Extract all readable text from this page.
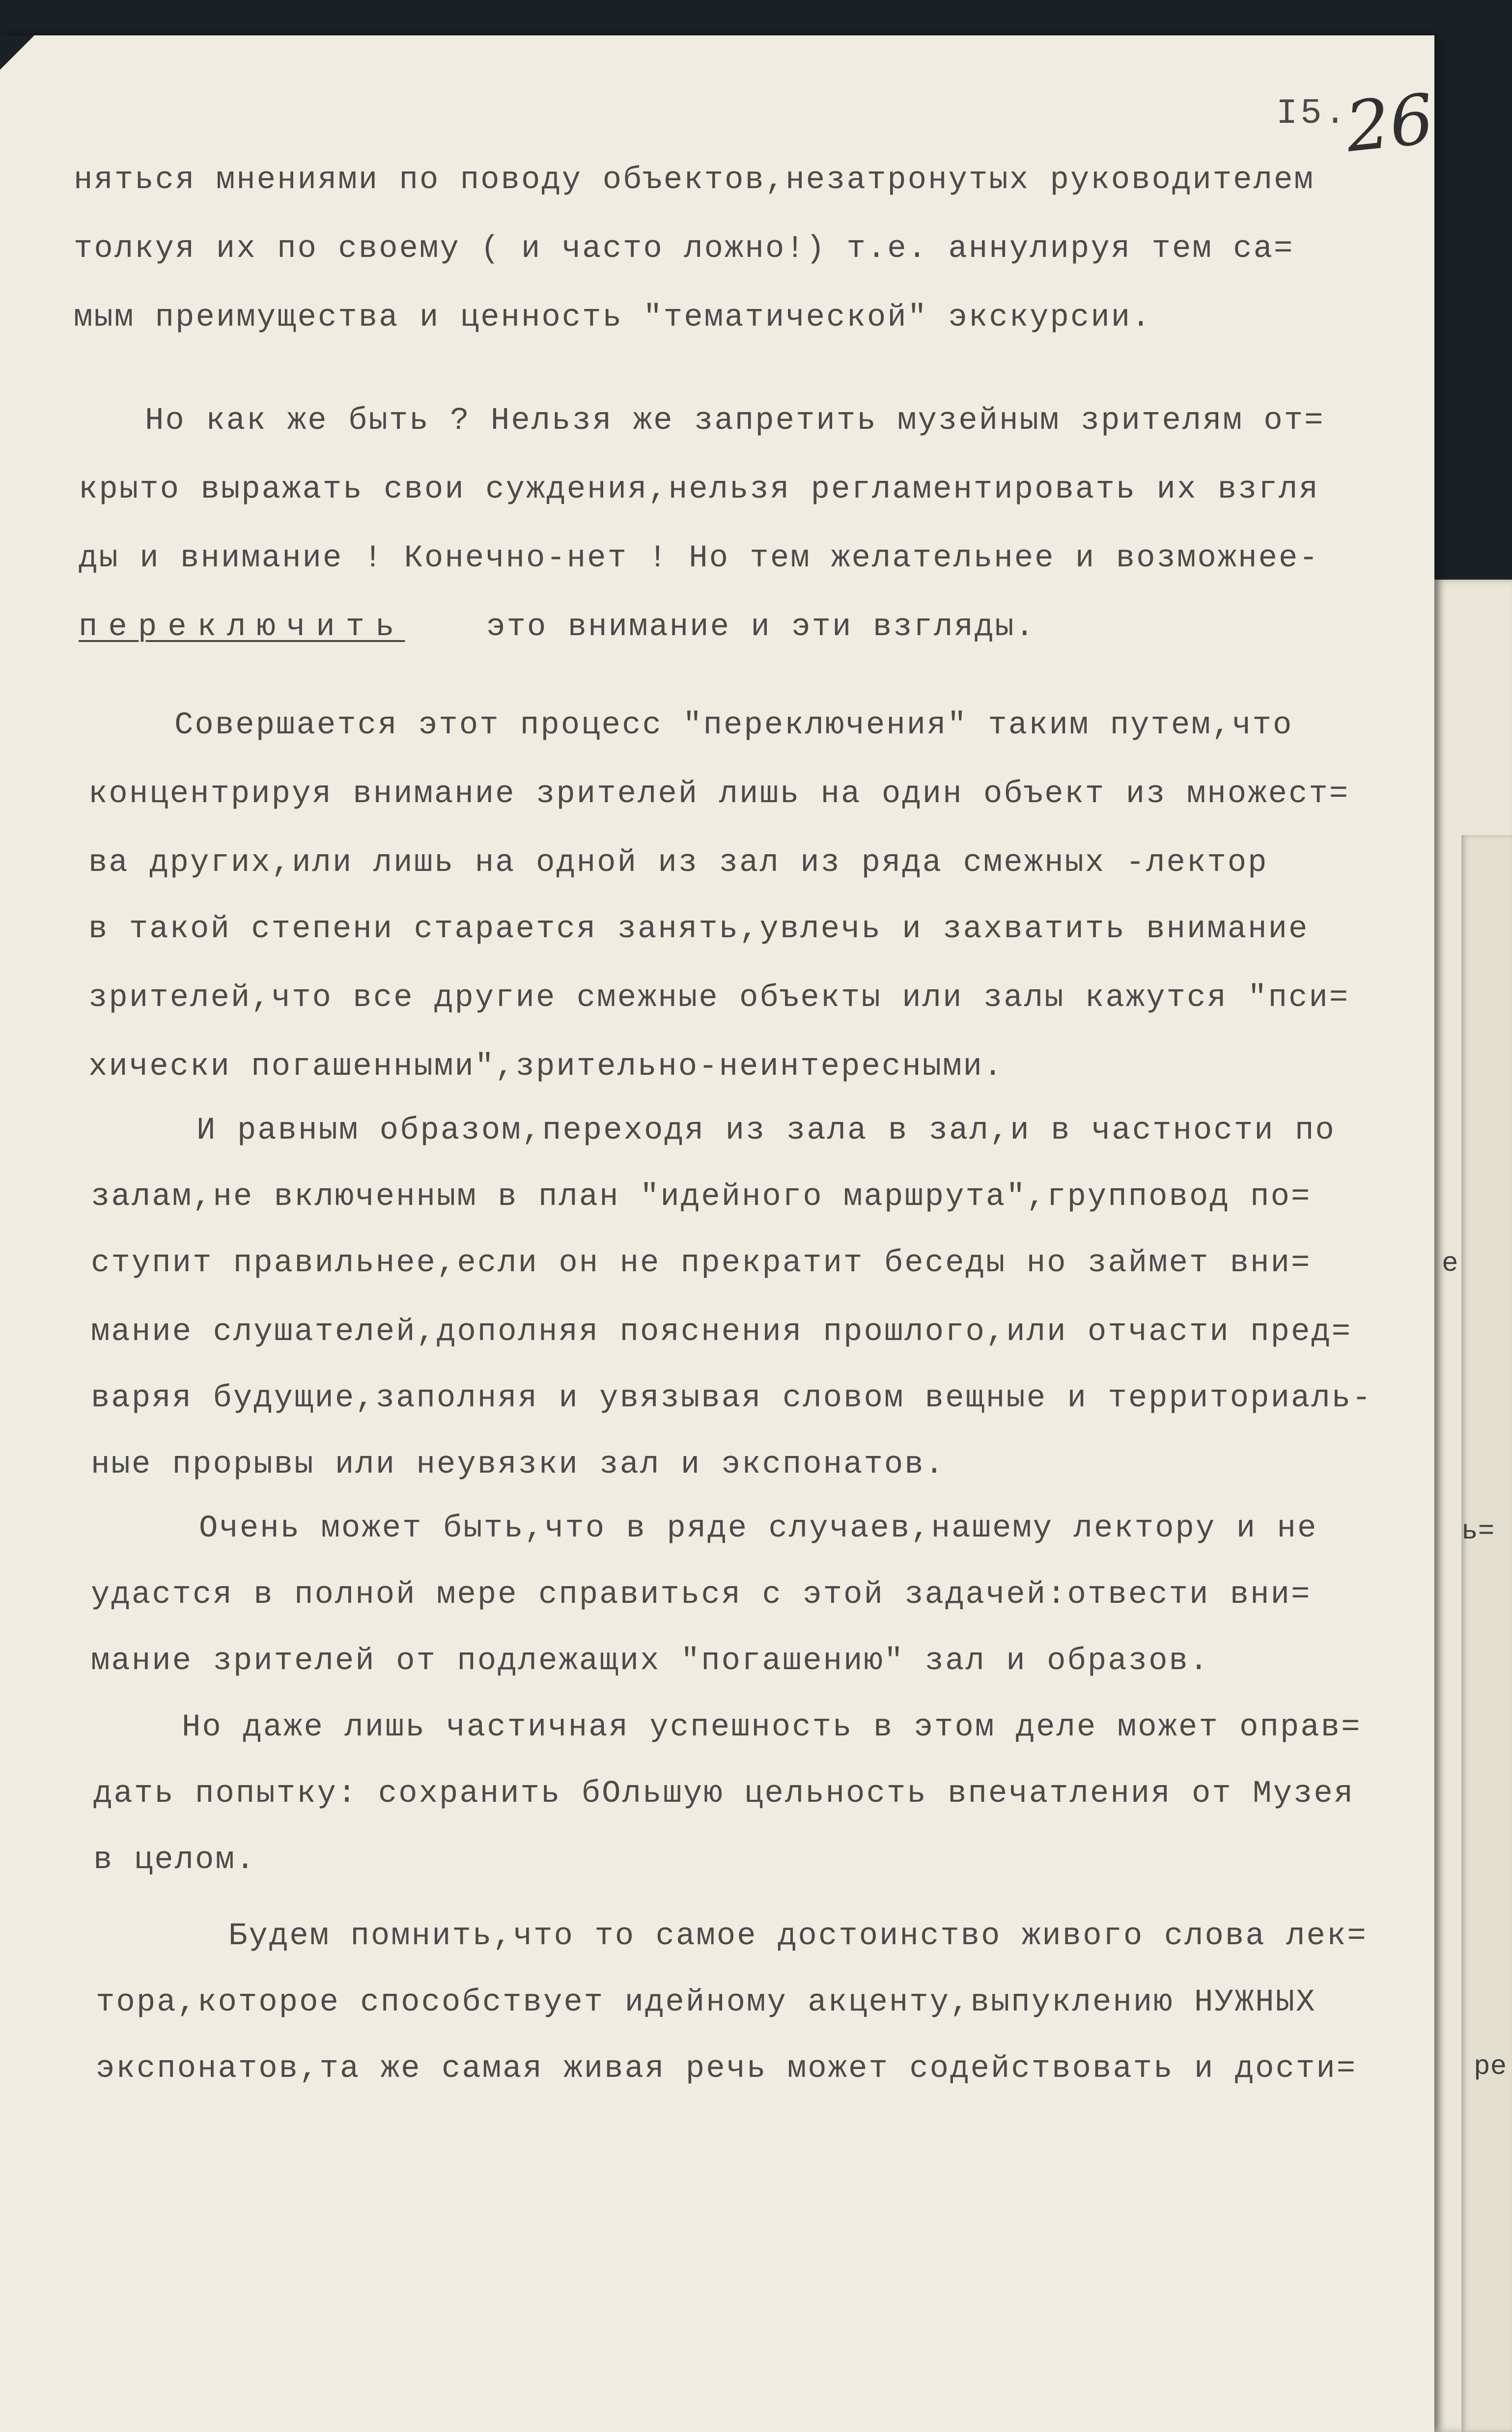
I5.
26
няться мнениями по поводу объектов,незатронутых руководителем
толкуя их по своему ( и часто ложно!) т.е. аннулируя тем са=
мым преимущества и ценность "тематической" экскурсии.
Но как же быть ? Нельзя же запретить музейным зрителям от=
крыто выражать свои суждения,нельзя регламентировать их взгля
ды и внимание ! Конечно-нет ! Но тем желательнее и возможнее-
переключить	это внимание и эти взгляды.
Совершается этот процесс "переключения" таким путем,что
концентрируя внимание зрителей лишь на один объект из множест=
ва других,или лишь на одной из зал из ряда смежных -лектор
в такой степени старается занять,увлечь и захватить внимание
зрителей,что все другие смежные объекты или залы кажутся "пси=
хически погашенными",зрительно-неинтересными.
И равным образом,переходя из зала в зал,и в частности по
залам,не включенным в план "идейного маршрута",групповод по=
ступит правильнее,если он не прекратит беседы но займет вни=
мание слушателей,дополняя пояснения прошлого,или отчасти пред=
варяя будущие,заполняя и увязывая словом вещные и территориаль-
ные прорывы или неувязки зал и экспонатов.
Очень может быть,что в ряде случаев,нашему лектору и не
удастся в полной мере справиться с этой задачей:отвести вни=
мание зрителей от подлежащих "погашению" зал и образов.
Но даже лишь частичная успешность в этом деле может оправ=
дать попытку: сохранить бОльшую цельность впечатления от Музея
в целом.
Будем помнить,что то самое достоинство живого слова лек=
тора,которое способствует идейному акценту,выпуклению НУЖНЫХ
экспонатов,та же самая живая речь может содействовать и дости=
е
ь=
ре
